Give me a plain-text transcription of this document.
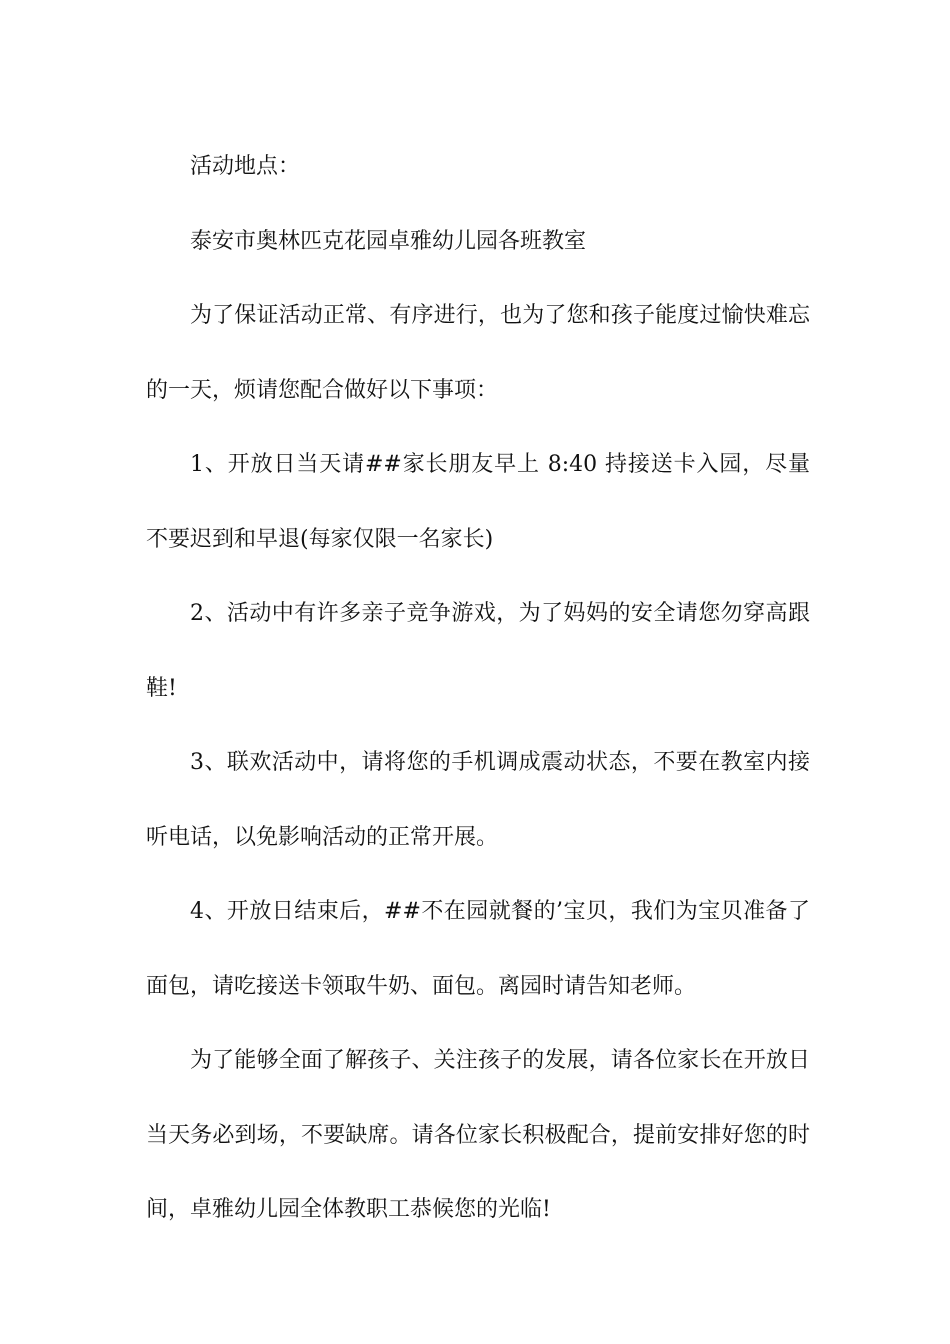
活动地点：

泰安市奥林匹克花园卓雅幼儿园各班教室

为了保证活动正常、有序进行，也为了您和孩子能度过愉快难忘的一天，烦请您配合做好以下事项：

1、开放日当天请##家长朋友早上 8:40 持接送卡入园，尽量不要迟到和早退(每家仅限一名家长)

2、活动中有许多亲子竞争游戏，为了妈妈的安全请您勿穿高跟鞋!

3、联欢活动中，请将您的手机调成震动状态，不要在教室内接听电话，以免影响活动的正常开展。

4、开放日结束后，##不在园就餐的’宝贝，我们为宝贝准备了面包，请吃接送卡领取牛奶、面包。离园时请告知老师。

为了能够全面了解孩子、关注孩子的发展，请各位家长在开放日当天务必到场，不要缺席。请各位家长积极配合，提前安排好您的时间，卓雅幼儿园全体教职工恭候您的光临!
